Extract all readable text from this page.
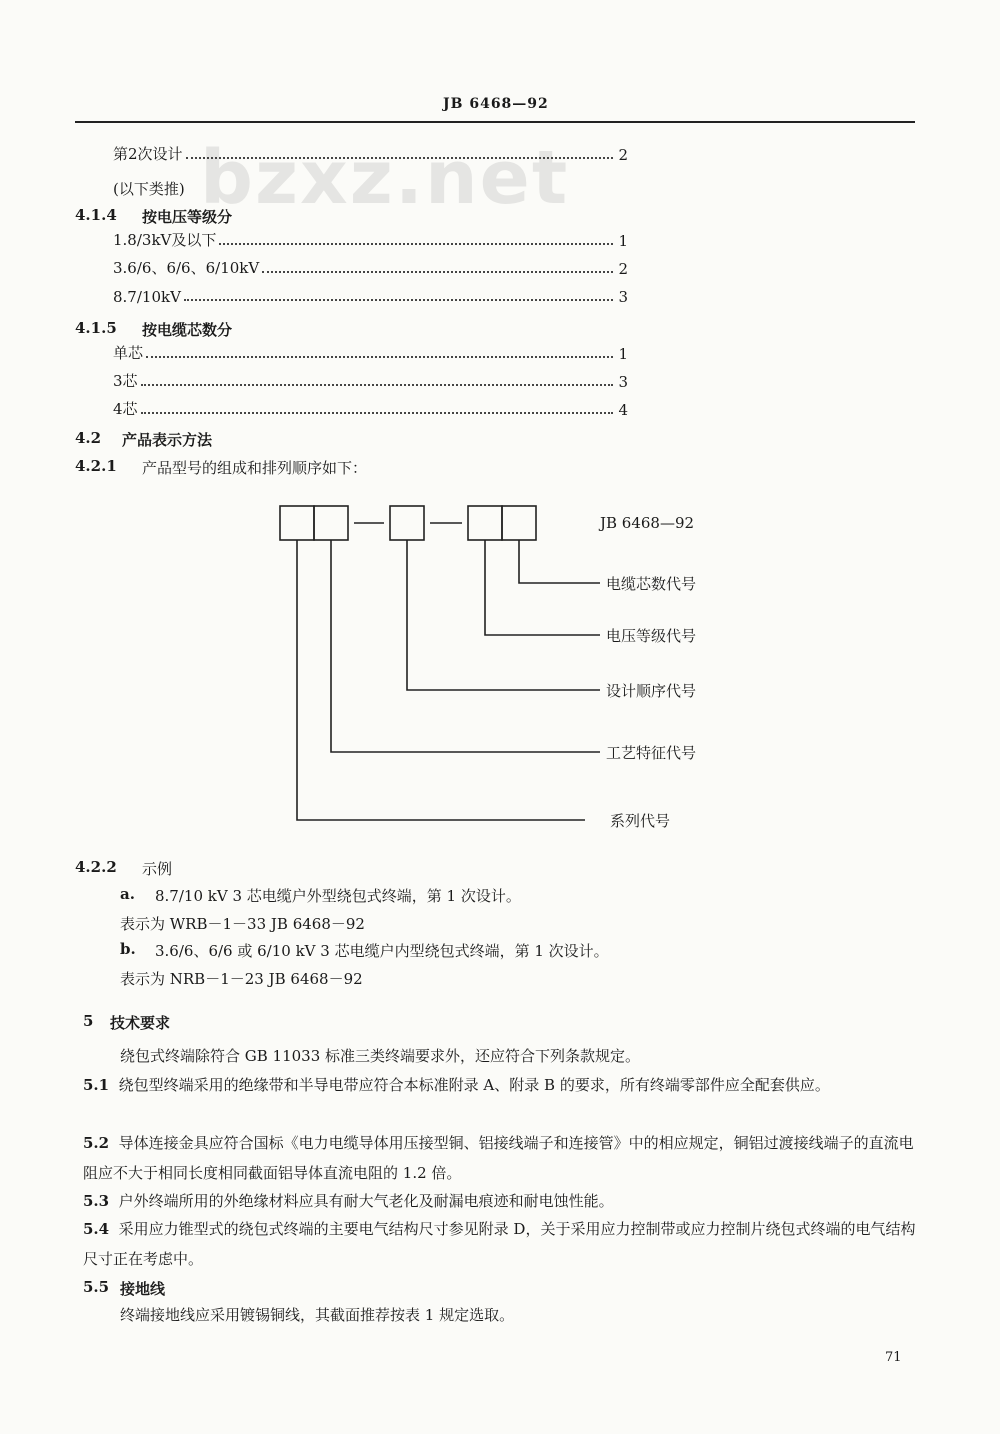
bzxz.net
JB 6468—92
第2次设计	2
(以下类推)
4.1.4 按电压等级分
1.8/3kV及以下	1
3.6/6、6/6、6/10kV	2
8.7/10kV	3
4.1.5 按电缆芯数分
单芯	1
3芯	3
4芯	4
4.2 产品表示方法
4.2.1 产品型号的组成和排列顺序如下：
JB 6468—92
电缆芯数代号
电压等级代号
设计顺序代号
工艺特征代号
系列代号
4.2.2 示例
a. 8.7/10 kV 3 芯电缆户外型绕包式终端，第 1 次设计。
表示为 WRB－1－33 JB 6468－92
b. 3.6/6、6/6 或 6/10 kV 3 芯电缆户内型绕包式终端，第 1 次设计。
表示为 NRB－1－23 JB 6468－92
5 技术要求
绕包式终端除符合 GB 11033 标准三类终端要求外，还应符合下列条款规定。
5.1 绕包型终端采用的绝缘带和半导电带应符合本标准附录 A、附录 B 的要求，所有终端零部件应全配套供应。
5.2 导体连接金具应符合国标《电力电缆导体用压接型铜、铝接线端子和连接管》中的相应规定，铜铝过渡接线端子的直流电阻应不大于相同长度相同截面铝导体直流电阻的 1.2 倍。
5.3 户外终端所用的外绝缘材料应具有耐大气老化及耐漏电痕迹和耐电蚀性能。
5.4 采用应力锥型式的绕包式终端的主要电气结构尺寸参见附录 D，关于采用应力控制带或应力控制片绕包式终端的电气结构尺寸正在考虑中。
5.5 接地线
终端接地线应采用镀锡铜线，其截面推荐按表 1 规定选取。
71
